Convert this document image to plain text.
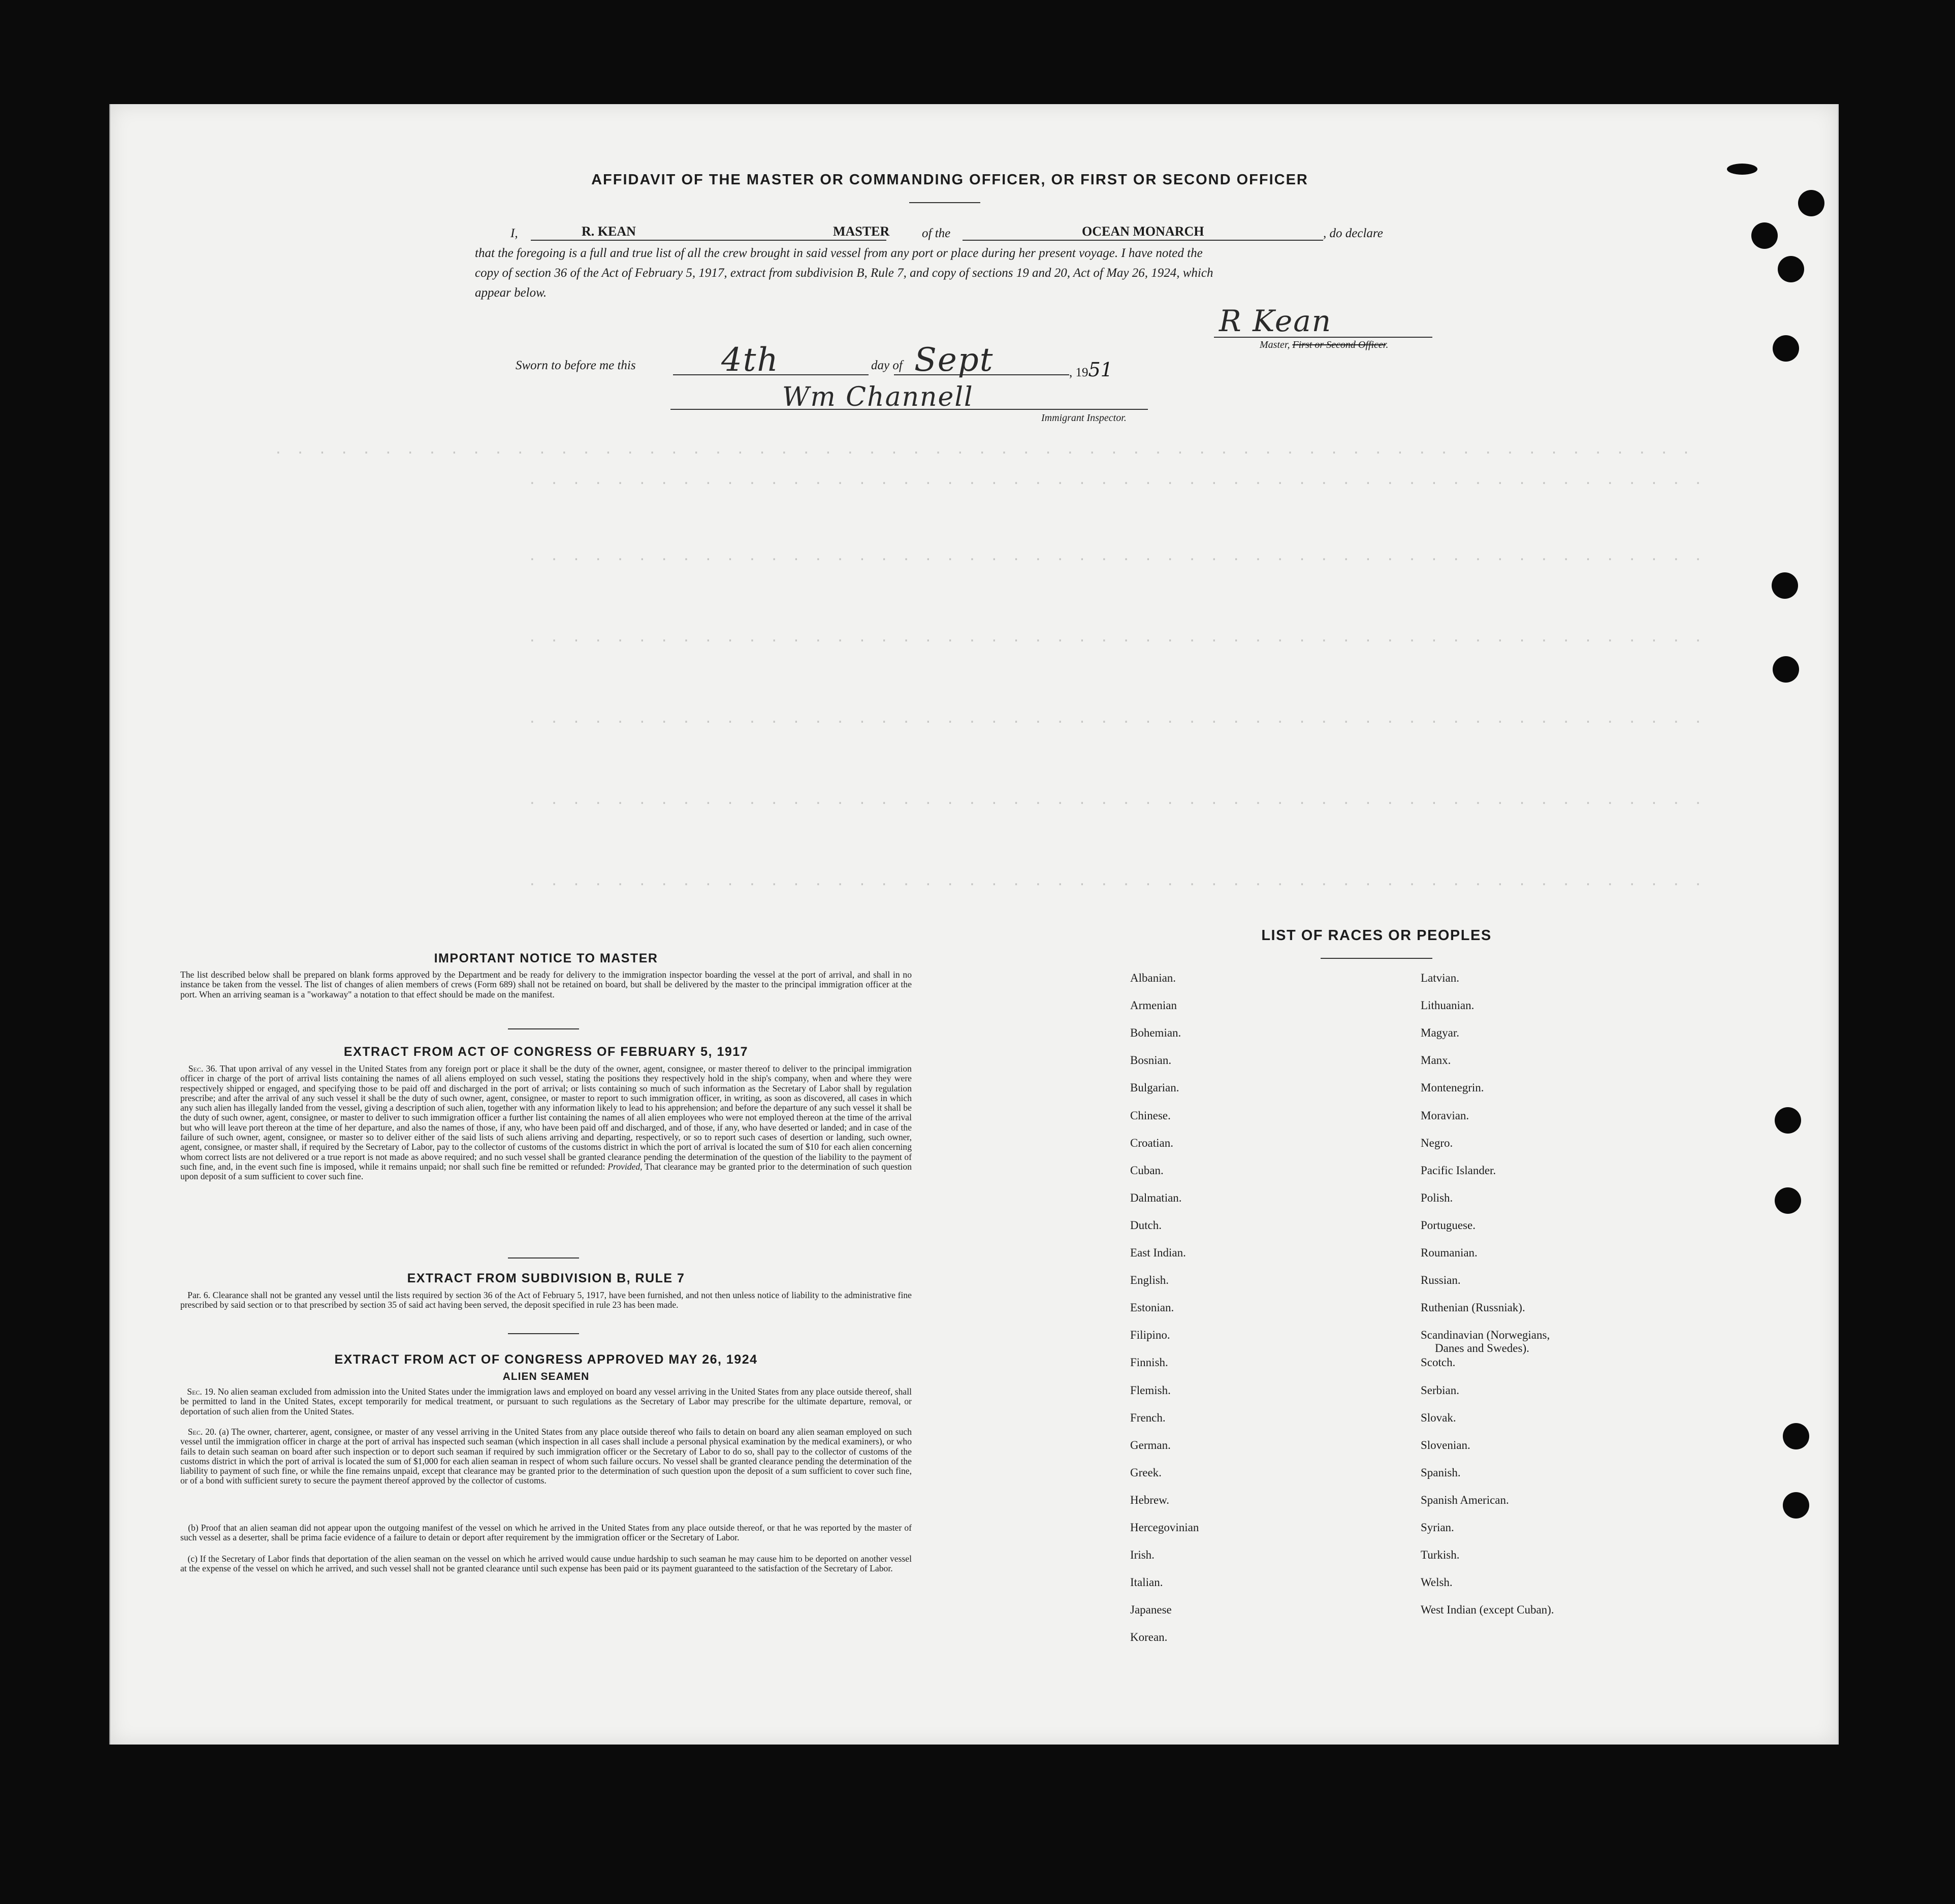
. . . . . . . . . . . . . . . . . . . . . . . . . . . . . . . . . . . . . . . . . . . . . . . . . . . . . . . . . . . . . . . . .
. . . . . . . . . . . . . . . . . . . . . . . . . . . . . . . . . . . . . . . . . . . . . . . . . . . . . .
. . . . . . . . . . . . . . . . . . . . . . . . . . . . . . . . . . . . . . . . . . . . . . . . . . . . . .
. . . . . . . . . . . . . . . . . . . . . . . . . . . . . . . . . . . . . . . . . . . . . . . . . . . . . .
. . . . . . . . . . . . . . . . . . . . . . . . . . . . . . . . . . . . . . . . . . . . . . . . . . . . . .
. . . . . . . . . . . . . . . . . . . . . . . . . . . . . . . . . . . . . . . . . . . . . . . . . . . . . .
. . . . . . . . . . . . . . . . . . . . . . . . . . . . . . . . . . . . . . . . . . . . . . . . . . . . . .
AFFIDAVIT OF THE MASTER OR COMMANDING OFFICER, OR FIRST OR SECOND OFFICER
I,	R. KEAN	MASTER	of the	OCEAN MONARCH	, do declare
that the foregoing is a full and true list of all the crew brought in said vessel from any port or place during her present voyage. I have noted the
copy of section 36 of the Act of February 5, 1917, extract from subdivision B, Rule 7, and copy of sections 19 and 20, Act of May 26, 1924, which
appear below.
R Kean
Master, First or Second Officer.
Sworn to before me this	4th	day of Sept	, 1951
Wm Channell
Immigrant Inspector.
IMPORTANT NOTICE TO MASTER

The list described below shall be prepared on blank forms approved by the Department and be ready for delivery to the immigration inspector boarding the vessel at the port of arrival, and shall in no instance be taken from the vessel. The list of changes of alien members of crews (Form 689) shall not be retained on board, but shall be delivered by the master to the principal immigration officer at the port. When an arriving seaman is a "workaway" a notation to that effect should be made on the manifest.

EXTRACT FROM ACT OF CONGRESS OF FEBRUARY 5, 1917

Sec. 36. That upon arrival of any vessel in the United States from any foreign port or place it shall be the duty of the owner, agent, consignee, or master thereof to deliver to the principal immigration officer in charge of the port of arrival lists containing the names of all aliens employed on such vessel, stating the positions they respectively hold in the ship's company, when and where they were respectively shipped or engaged, and specifying those to be paid off and discharged in the port of arrival; or lists containing so much of such information as the Secretary of Labor shall by regulation prescribe; and after the arrival of any such vessel it shall be the duty of such owner, agent, consignee, or master to report to such immigration officer, in writing, as soon as discovered, all cases in which any such alien has illegally landed from the vessel, giving a description of such alien, together with any information likely to lead to his apprehension; and before the departure of any such vessel it shall be the duty of such owner, agent, consignee, or master to deliver to such immigration officer a further list containing the names of all alien employees who were not employed thereon at the time of the arrival but who will leave port thereon at the time of her departure, and also the names of those, if any, who have been paid off and discharged, and of those, if any, who have deserted or landed; and in case of the failure of such owner, agent, consignee, or master so to deliver either of the said lists of such aliens arriving and departing, respectively, or so to report such cases of desertion or landing, such owner, agent, consignee, or master shall, if required by the Secretary of Labor, pay to the collector of customs of the customs district in which the port of arrival is located the sum of $10 for each alien concerning whom correct lists are not delivered or a true report is not made as above required; and no such vessel shall be granted clearance pending the determination of the question of the liability to the payment of such fine, and, in the event such fine is imposed, while it remains unpaid; nor shall such fine be remitted or refunded: Provided, That clearance may be granted prior to the determination of such question upon deposit of a sum sufficient to cover such fine.

EXTRACT FROM SUBDIVISION B, RULE 7

Par. 6. Clearance shall not be granted any vessel until the lists required by section 36 of the Act of February 5, 1917, have been furnished, and not then unless notice of liability to the administrative fine prescribed by said section or to that prescribed by section 35 of said act having been served, the deposit specified in rule 23 has been made.

EXTRACT FROM ACT OF CONGRESS APPROVED MAY 26, 1924
ALIEN SEAMEN

Sec. 19. No alien seaman excluded from admission into the United States under the immigration laws and employed on board any vessel arriving in the United States from any place outside thereof, shall be permitted to land in the United States, except temporarily for medical treatment, or pursuant to such regulations as the Secretary of Labor may prescribe for the ultimate departure, removal, or deportation of such alien from the United States.

Sec. 20. (a) The owner, charterer, agent, consignee, or master of any vessel arriving in the United States from any place outside thereof who fails to detain on board any alien seaman employed on such vessel until the immigration officer in charge at the port of arrival has inspected such seaman (which inspection in all cases shall include a personal physical examination by the medical examiners), or who fails to detain such seaman on board after such inspection or to deport such seaman if required by such immigration officer or the Secretary of Labor to do so, shall pay to the collector of customs of the customs district in which the port of arrival is located the sum of $1,000 for each alien seaman in respect of whom such failure occurs. No vessel shall be granted clearance pending the determination of the liability to payment of such fine, or while the fine remains unpaid, except that clearance may be granted prior to the determination of such question upon the deposit of a sum sufficient to cover such fine, or of a bond with sufficient surety to secure the payment thereof approved by the collector of customs.

(b) Proof that an alien seaman did not appear upon the outgoing manifest of the vessel on which he arrived in the United States from any place outside thereof, or that he was reported by the master of such vessel as a deserter, shall be prima facie evidence of a failure to detain or deport after requirement by the immigration officer or the Secretary of Labor.

(c) If the Secretary of Labor finds that deportation of the alien seaman on the vessel on which he arrived would cause undue hardship to such seaman he may cause him to be deported on another vessel at the expense of the vessel on which he arrived, and such vessel shall not be granted clearance until such expense has been paid or its payment guaranteed to the satisfaction of the Secretary of Labor.

LIST OF RACES OR PEOPLES
Albanian.
Armenian
Bohemian.
Bosnian.
Bulgarian.
Chinese.
Croatian.
Cuban.
Dalmatian.
Dutch.
East Indian.
English.
Estonian.
Filipino.
Finnish.
Flemish.
French.
German.
Greek.
Hebrew.
Hercegovinian
Irish.
Italian.
Japanese
Korean.
Latvian.
Lithuanian.
Magyar.
Manx.
Montenegrin.
Moravian.
Negro.
Pacific Islander.
Polish.
Portuguese.
Roumanian.
Russian.
Ruthenian (Russniak).
Scandinavian (Norwegians,
Danes and Swedes).
Scotch.
Serbian.
Slovak.
Slovenian.
Spanish.
Spanish American.
Syrian.
Turkish.
Welsh.
West Indian (except Cuban).
